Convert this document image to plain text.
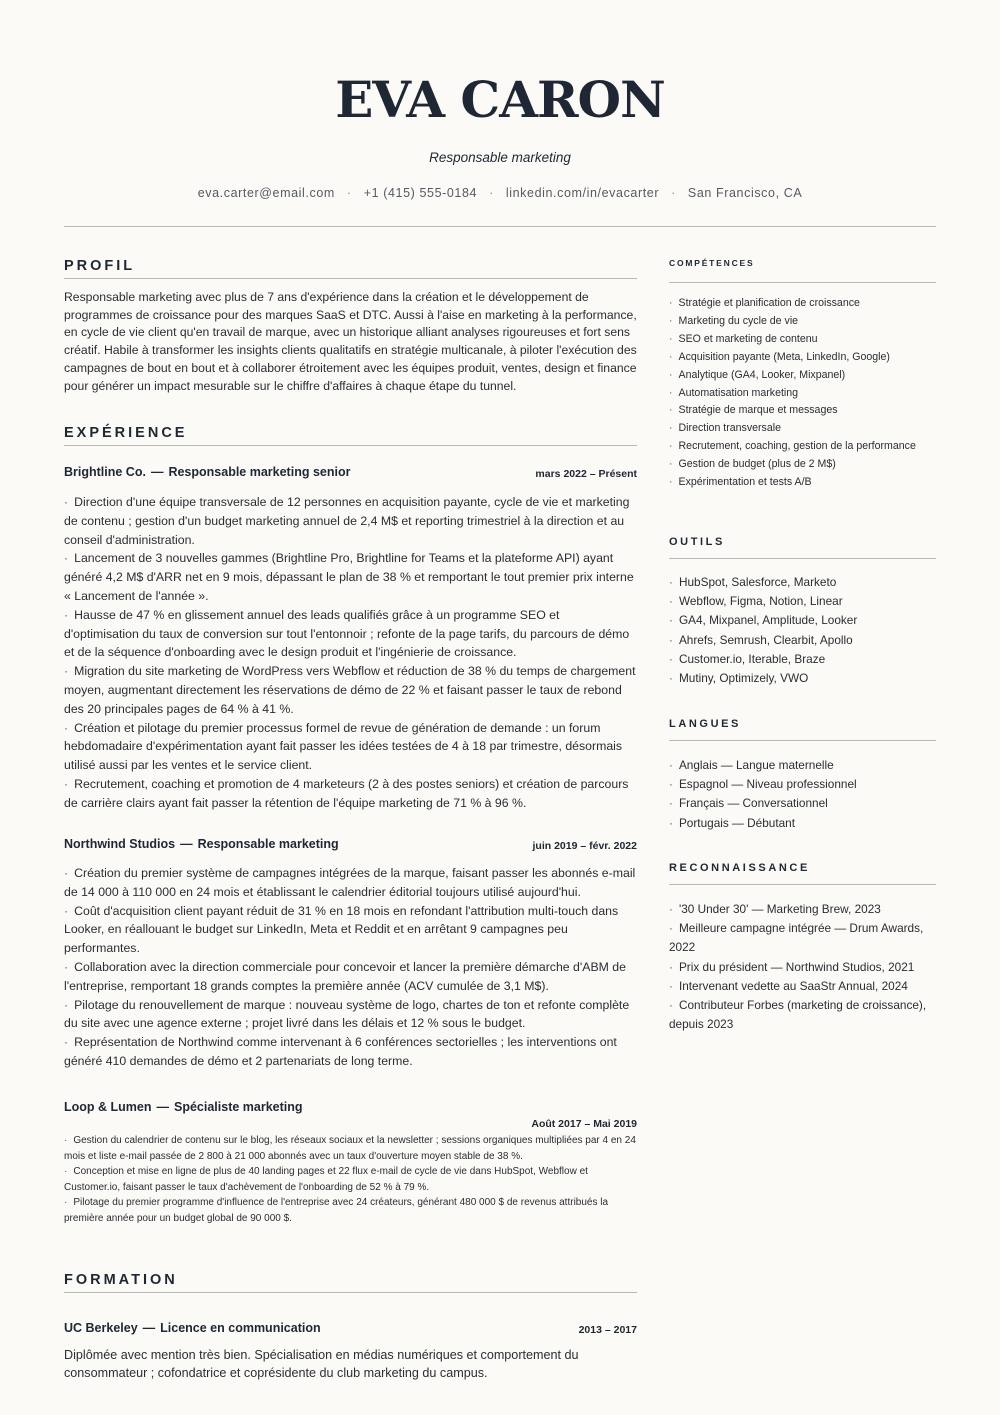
EVA CARON
Responsable marketing
eva.carter@email.com · +1 (415) 555-0184 · linkedin.com/in/evacarter · San Francisco, CA
PROFIL
Responsable marketing avec plus de 7 ans d'expérience dans la création et le développement de programmes de croissance pour des marques SaaS et DTC. Aussi à l'aise en marketing à la performance, en cycle de vie client qu'en travail de marque, avec un historique alliant analyses rigoureuses et fort sens créatif. Habile à transformer les insights clients qualitatifs en stratégie multicanale, à piloter l'exécution des campagnes de bout en bout et à collaborer étroitement avec les équipes produit, ventes, design et finance pour générer un impact mesurable sur le chiffre d'affaires à chaque étape du tunnel.
EXPÉRIENCE
Brightline Co. — Responsable marketing senior	mars 2022 – Présent
· Direction d'une équipe transversale de 12 personnes en acquisition payante, cycle de vie et marketing de contenu ; gestion d'un budget marketing annuel de 2,4 M$ et reporting trimestriel à la direction et au conseil d'administration.
· Lancement de 3 nouvelles gammes (Brightline Pro, Brightline for Teams et la plateforme API) ayant généré 4,2 M$ d'ARR net en 9 mois, dépassant le plan de 38 % et remportant le tout premier prix interne « Lancement de l'année ».
· Hausse de 47 % en glissement annuel des leads qualifiés grâce à un programme SEO et d'optimisation du taux de conversion sur tout l'entonnoir ; refonte de la page tarifs, du parcours de démo et de la séquence d'onboarding avec le design produit et l'ingénierie de croissance.
· Migration du site marketing de WordPress vers Webflow et réduction de 38 % du temps de chargement moyen, augmentant directement les réservations de démo de 22 % et faisant passer le taux de rebond des 20 principales pages de 64 % à 41 %.
· Création et pilotage du premier processus formel de revue de génération de demande : un forum hebdomadaire d'expérimentation ayant fait passer les idées testées de 4 à 18 par trimestre, désormais utilisé aussi par les ventes et le service client.
· Recrutement, coaching et promotion de 4 marketeurs (2 à des postes seniors) et création de parcours de carrière clairs ayant fait passer la rétention de l'équipe marketing de 71 % à 96 %.
Northwind Studios — Responsable marketing	juin 2019 – févr. 2022
· Création du premier système de campagnes intégrées de la marque, faisant passer les abonnés e-mail de 14 000 à 110 000 en 24 mois et établissant le calendrier éditorial toujours utilisé aujourd'hui.
· Coût d'acquisition client payant réduit de 31 % en 18 mois en refondant l'attribution multi-touch dans Looker, en réallouant le budget sur LinkedIn, Meta et Reddit et en arrêtant 9 campagnes peu performantes.
· Collaboration avec la direction commerciale pour concevoir et lancer la première démarche d'ABM de l'entreprise, remportant 18 grands comptes la première année (ACV cumulée de 3,1 M$).
· Pilotage du renouvellement de marque : nouveau système de logo, chartes de ton et refonte complète du site avec une agence externe ; projet livré dans les délais et 12 % sous le budget.
· Représentation de Northwind comme intervenant à 6 conférences sectorielles ; les interventions ont généré 410 demandes de démo et 2 partenariats de long terme.
Loop & Lumen — Spécialiste marketing
Août 2017 – Mai 2019
· Gestion du calendrier de contenu sur le blog, les réseaux sociaux et la newsletter ; sessions organiques multipliées par 4 en 24 mois et liste e-mail passée de 2 800 à 21 000 abonnés avec un taux d'ouverture moyen stable de 38 %.
· Conception et mise en ligne de plus de 40 landing pages et 22 flux e-mail de cycle de vie dans HubSpot, Webflow et Customer.io, faisant passer le taux d'achèvement de l'onboarding de 52 % à 79 %.
· Pilotage du premier programme d'influence de l'entreprise avec 24 créateurs, générant 480 000 $ de revenus attribués la première année pour un budget global de 90 000 $.
FORMATION
UC Berkeley — Licence en communication	2013 – 2017
Diplômée avec mention très bien. Spécialisation en médias numériques et comportement du consommateur ; cofondatrice et coprésidente du club marketing du campus.
COMPÉTENCES
· Stratégie et planification de croissance
· Marketing du cycle de vie
· SEO et marketing de contenu
· Acquisition payante (Meta, LinkedIn, Google)
· Analytique (GA4, Looker, Mixpanel)
· Automatisation marketing
· Stratégie de marque et messages
· Direction transversale
· Recrutement, coaching, gestion de la performance
· Gestion de budget (plus de 2 M$)
· Expérimentation et tests A/B
OUTILS
· HubSpot, Salesforce, Marketo
· Webflow, Figma, Notion, Linear
· GA4, Mixpanel, Amplitude, Looker
· Ahrefs, Semrush, Clearbit, Apollo
· Customer.io, Iterable, Braze
· Mutiny, Optimizely, VWO
LANGUES
· Anglais — Langue maternelle
· Espagnol — Niveau professionnel
· Français — Conversationnel
· Portugais — Débutant
RECONNAISSANCE
· '30 Under 30' — Marketing Brew, 2023
· Meilleure campagne intégrée — Drum Awards, 2022
· Prix du président — Northwind Studios, 2021
· Intervenant vedette au SaaStr Annual, 2024
· Contributeur Forbes (marketing de croissance), depuis 2023
